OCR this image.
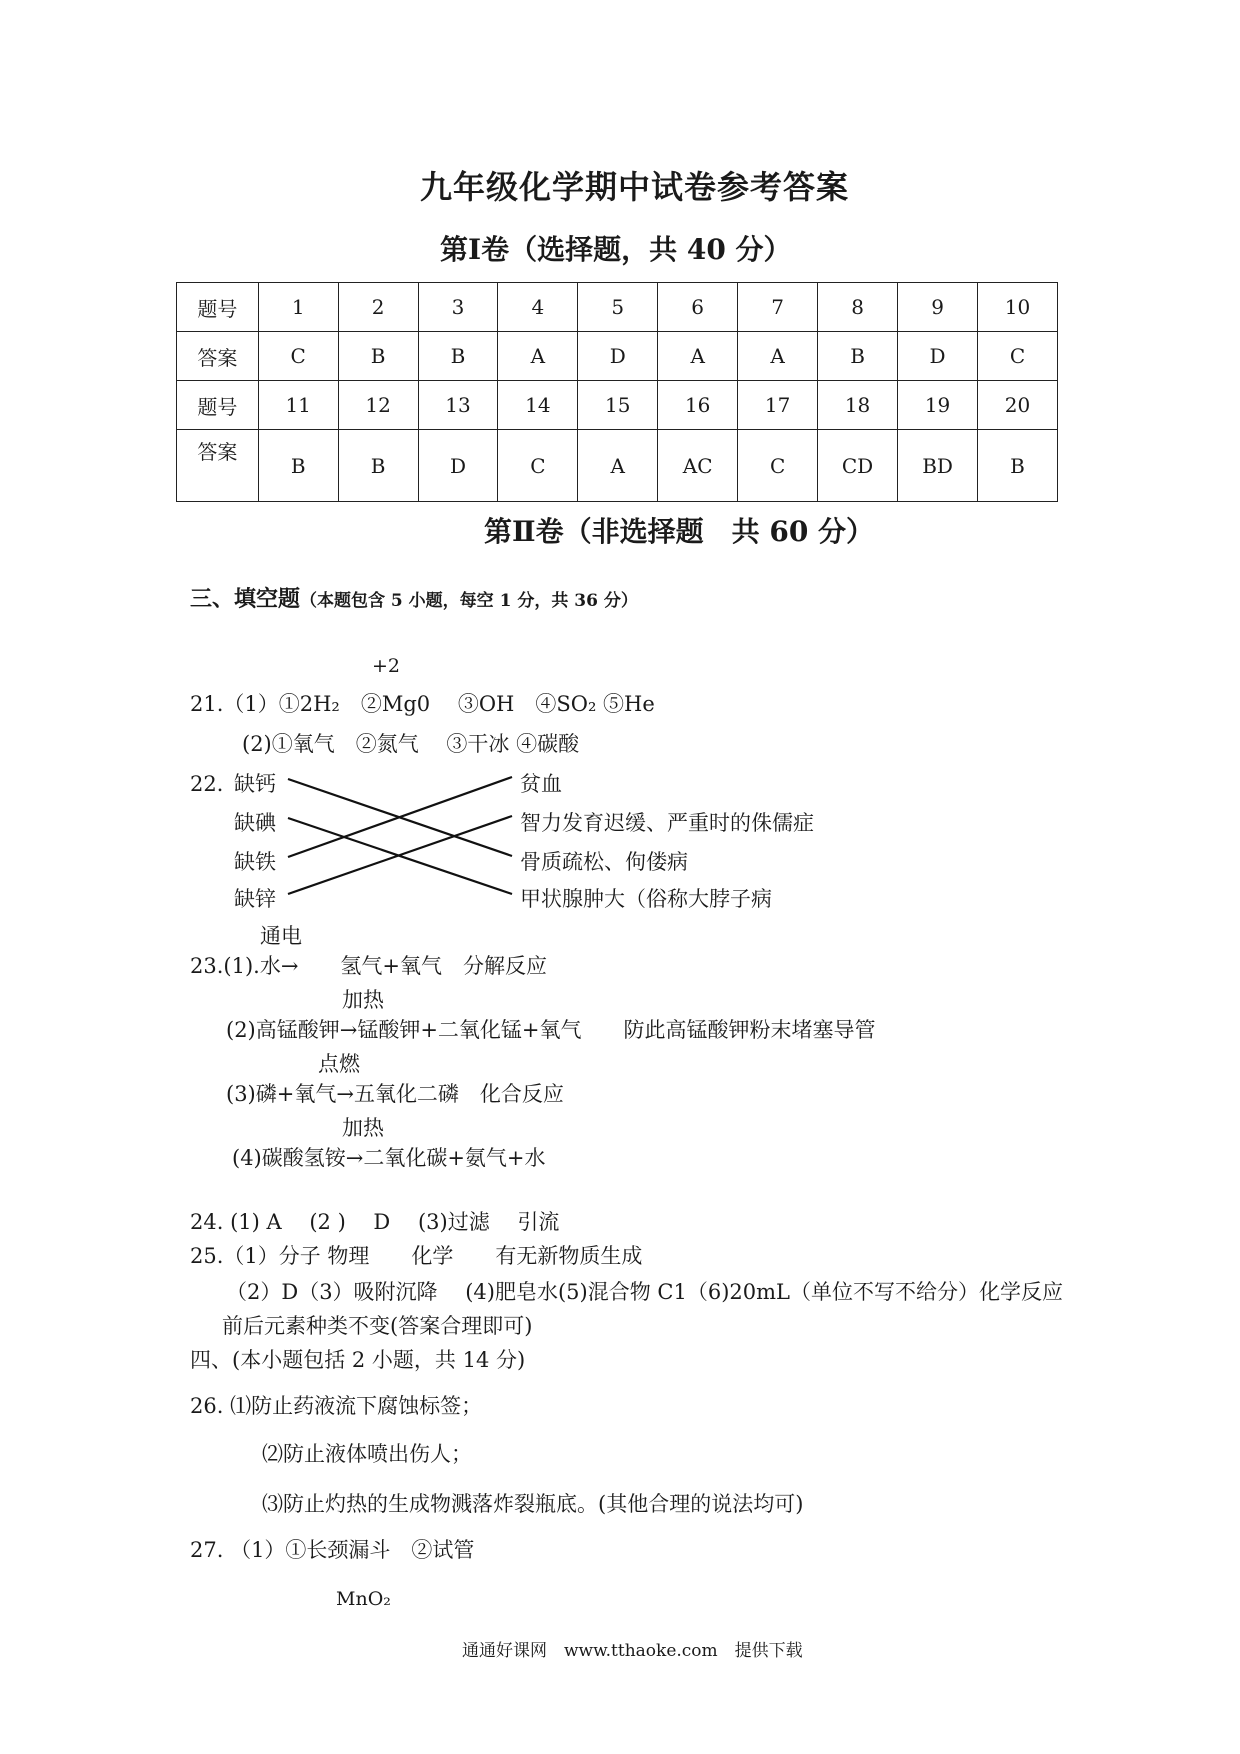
九年级化学期中试卷参考答案
第Ⅰ卷（选择题，共 40 分）
题号	1	2	3	4	5	6	7	8	9	10
答案	C	B	B	A	D	A	A	B	D	C
题号	11	12	13	14	15	16	17	18	19	20
答案	B	B	D	C	A	AC	C	CD	BD	B
第Ⅱ卷（非选择题　共 60 分）
三、填空题（本题包含 5 小题，每空 1 分，共 36 分）
+2
21.（1）①2H₂　②Mg0　 ③OH　④SO₂ ⑤He
(2)①氧气　②氮气　 ③干冰 ④碳酸
22．
缺钙
缺碘
缺铁
缺锌
贫血
智力发育迟缓、严重时的侏儒症
骨质疏松、佝偻病
甲状腺肿大（俗称大脖子病
通电
23.(1).水→　　氢气+氧气　分解反应
加热
(2)高锰酸钾→锰酸钾+二氧化锰+氧气　　防此高锰酸钾粉末堵塞导管
点燃
(3)磷+氧气→五氧化二磷　化合反应
加热
(4)碳酸氢铵→二氧化碳+氨气+水
24. (1) A　 (2 )　 D　 (3)过滤　 引流
25.（1）分子 物理　　化学　　有无新物质生成
（2）D（3）吸附沉降　 (4)肥皂水(5)混合物 C1（6)20mL（单位不写不给分）化学反应
前后元素种类不变(答案合理即可)
四、(本小题包括 2 小题，共 14 分)
26. ⑴防止药液流下腐蚀标签；
⑵防止液体喷出伤人；
⑶防止灼热的生成物溅落炸裂瓶底。(其他合理的说法均可)
27. （1）①长颈漏斗　②试管
MnO₂
通通好课网　www.tthaoke.com　提供下载
